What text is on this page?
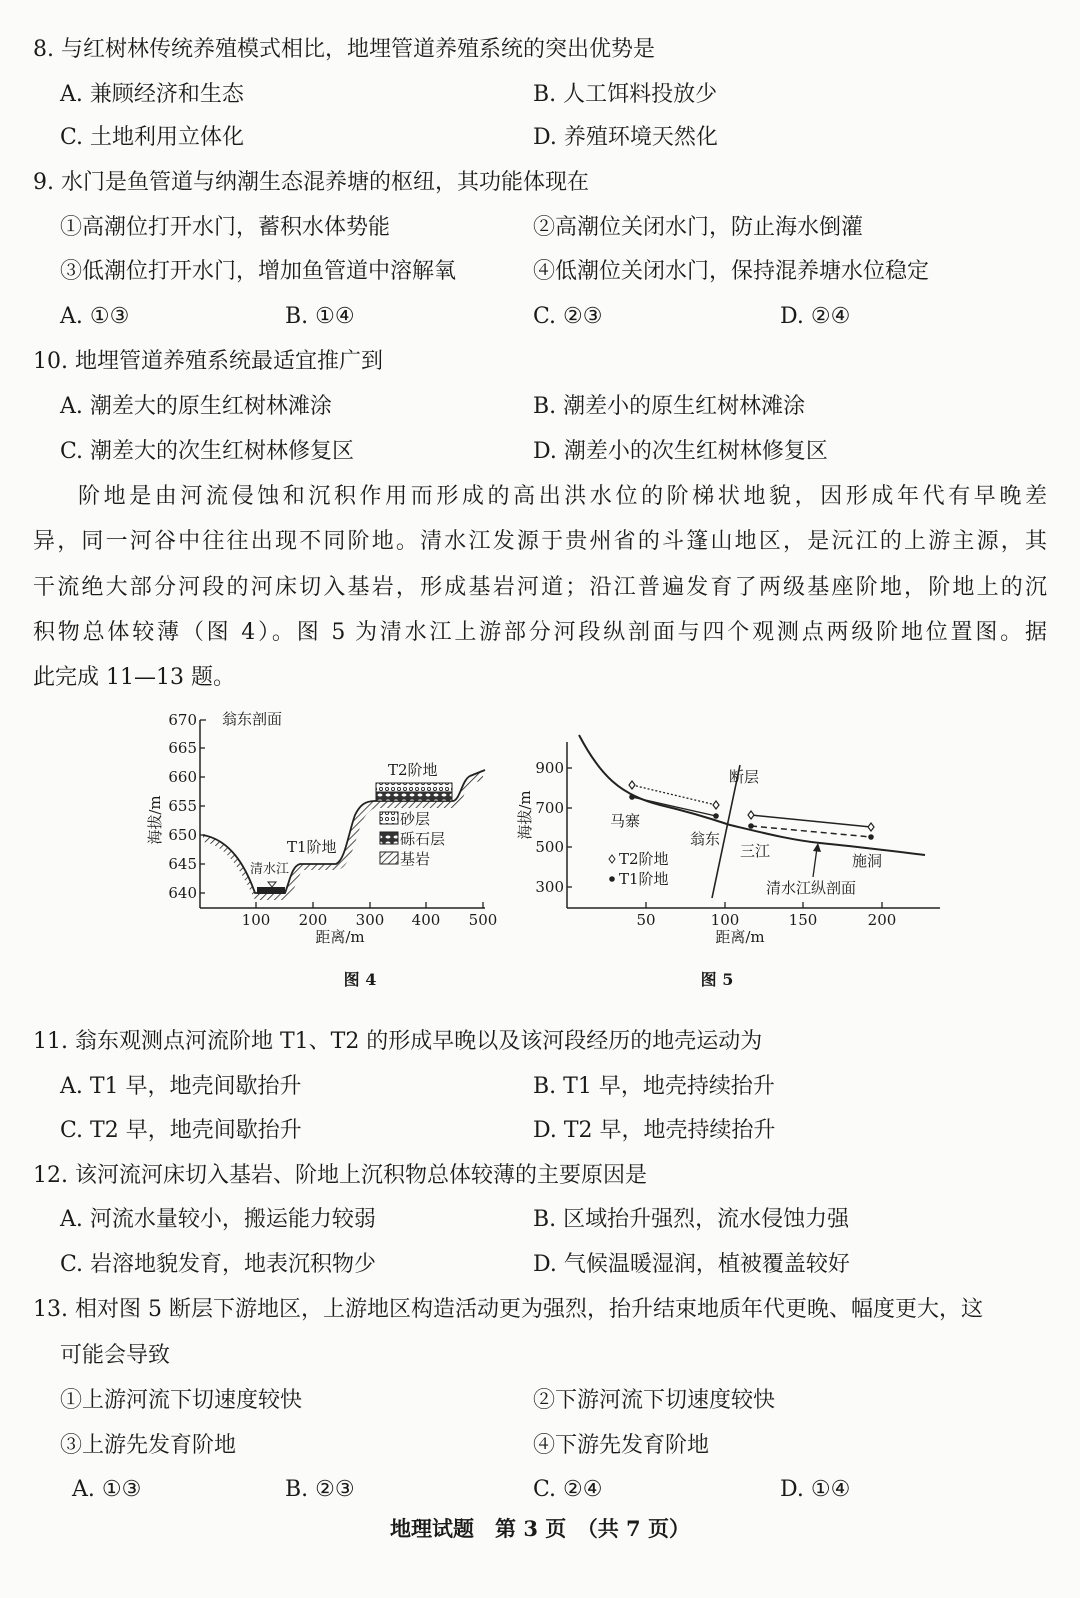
8. 与红树林传统养殖模式相比，地埋管道养殖系统的突出优势是
A. 兼顾经济和生态	B. 人工饵料投放少
C. 土地利用立体化	D. 养殖环境天然化
9. 水门是鱼管道与纳潮生态混养塘的枢纽，其功能体现在
①高潮位打开水门，蓄积水体势能	②高潮位关闭水门，防止海水倒灌
③低潮位打开水门，增加鱼管道中溶解氧	④低潮位关闭水门，保持混养塘水位稳定
A. ①③	B. ①④	C. ②③	D. ②④
10. 地埋管道养殖系统最适宜推广到
A. 潮差大的原生红树林滩涂	B. 潮差小的原生红树林滩涂
C. 潮差大的次生红树林修复区	D. 潮差小的次生红树林修复区
阶地是由河流侵蚀和沉积作用而形成的高出洪水位的阶梯状地貌，因形成年代有早晚差
异，同一河谷中往往出现不同阶地。清水江发源于贵州省的斗篷山地区，是沅江的上游主源，其
干流绝大部分河段的河床切入基岩，形成基岩河道；沿江普遍发育了两级基座阶地，阶地上的沉
积物总体较薄（图 4）。图 5 为清水江上游部分河段纵剖面与四个观测点两级阶地位置图。据
此完成 11—13 题。
670
665
660
655
650
645
640
100 200 300 400 500
距离/m
海拔/m
翁东剖面
T2阶地
T1阶地
清水江
砂层
砾石层
基岩
图 4
900
700
500
300
50	100	150	200
距离/m
海拔/m
断层
马寨
翁东
三江
施洞
清水江纵剖面
T2阶地
T1阶地
图 5
11. 翁东观测点河流阶地 T1、T2 的形成早晚以及该河段经历的地壳运动为
A. T1 早，地壳间歇抬升	B. T1 早，地壳持续抬升
C. T2 早，地壳间歇抬升	D. T2 早，地壳持续抬升
12. 该河流河床切入基岩、阶地上沉积物总体较薄的主要原因是
A. 河流水量较小，搬运能力较弱	B. 区域抬升强烈，流水侵蚀力强
C. 岩溶地貌发育，地表沉积物少	D. 气候温暖湿润，植被覆盖较好
13. 相对图 5 断层下游地区，上游地区构造活动更为强烈，抬升结束地质年代更晚、幅度更大，这
可能会导致
①上游河流下切速度较快	②下游河流下切速度较快
③上游先发育阶地	④下游先发育阶地
A. ①③	B. ②③	C. ②④	D. ①④
地理试题　第 3 页　（共 7 页）
